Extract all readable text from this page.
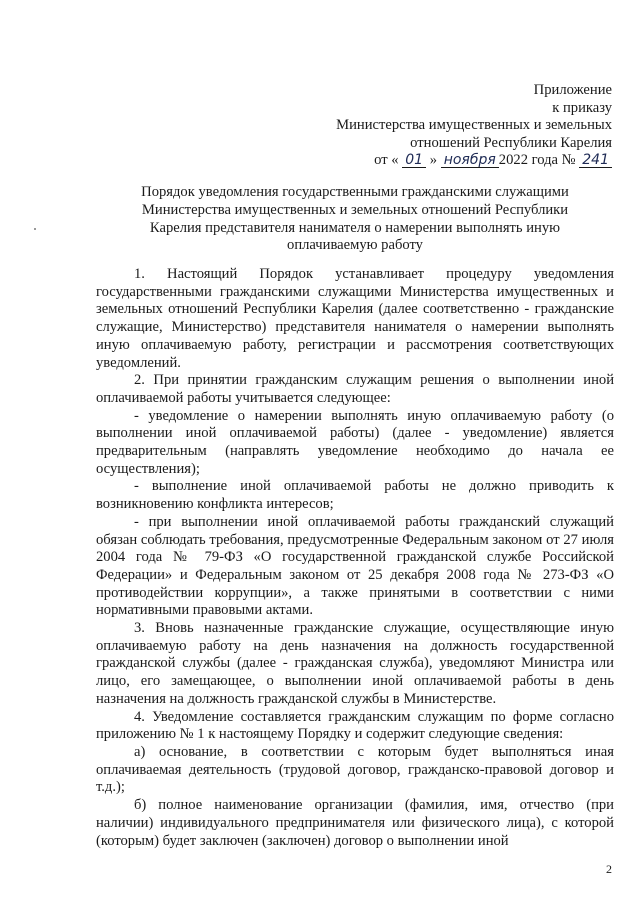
Приложение
к приказу
Министерства имущественных и земельных
отношений Республики Карелия
от « 01 » ноября 2022 года № 241
Порядок уведомления государственными гражданскими служащими
Министерства имущественных и земельных отношений Республики
Карелия представителя нанимателя о намерении выполнять иную
оплачиваемую работу

1. Настоящий Порядок устанавливает процедуру уведомления государственными гражданскими служащими Министерства имущественных и земельных отношений Республики Карелия (далее соответственно - гражданские служащие, Министерство) представителя нанимателя о намерении выполнять иную оплачиваемую работу, регистрации и рассмотрения соответствующих уведомлений.

2. При принятии гражданским служащим решения о выполнении иной оплачиваемой работы учитывается следующее:

- уведомление о намерении выполнять иную оплачиваемую работу (о выполнении иной оплачиваемой работы) (далее - уведомление) является предварительным (направлять уведомление необходимо до начала ее осуществления);

- выполнение иной оплачиваемой работы не должно приводить к возникновению конфликта интересов;

- при выполнении иной оплачиваемой работы гражданский служащий обязан соблюдать требования, предусмотренные Федеральным законом от 27 июля 2004 года № 79-ФЗ «О государственной гражданской службе Российской Федерации» и Федеральным законом от 25 декабря 2008 года № 273-ФЗ «О противодействии коррупции», а также принятыми в соответствии с ними нормативными правовыми актами.

3. Вновь назначенные гражданские служащие, осуществляющие иную оплачиваемую работу на день назначения на должность государственной гражданской службы (далее - гражданская служба), уведомляют Министра или лицо, его замещающее, о выполнении иной оплачиваемой работы в день назначения на должность гражданской службы в Министерстве.

4. Уведомление составляется гражданским служащим по форме согласно приложению № 1 к настоящему Порядку и содержит следующие сведения:

а) основание, в соответствии с которым будет выполняться иная оплачиваемая деятельность (трудовой договор, гражданско-правовой договор и т.д.);

б) полное наименование организации (фамилия, имя, отчество (при наличии) индивидуального предпринимателя или физического лица), с которой (которым) будет заключен (заключен) договор о выполнении иной

2
